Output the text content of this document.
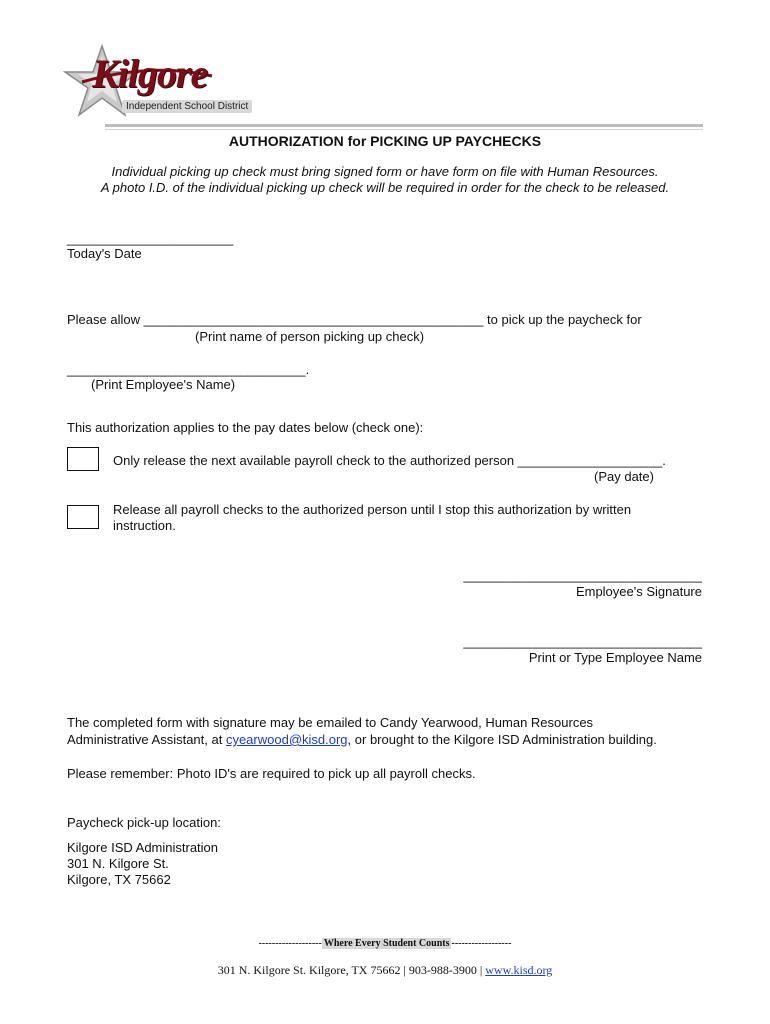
Kilgore
Independent School District
AUTHORIZATION for PICKING UP PAYCHECKS
Individual picking up check must bring signed form or have form on file with Human Resources.
A photo I.D. of the individual picking up check will be required in order for the check to be released.
_______________________
Today's Date
Please allow _______________________________________________ to pick up the paycheck for
(Print name of person picking up check)
_________________________________.
(Print Employee's Name)
This authorization applies to the pay dates below (check one):
Only release the next available payroll check to the authorized person ____________________.
(Pay date)
Release all payroll checks to the authorized person until I stop this authorization by written
instruction.
_________________________________
Employee's Signature
_________________________________
Print or Type Employee Name
The completed form with signature may be emailed to Candy Yearwood, Human Resources
Administrative Assistant, at cyearwood@kisd.org, or brought to the Kilgore ISD Administration building.
Please remember: Photo ID's are required to pick up all payroll checks.
Paycheck pick-up location:
Kilgore ISD Administration
301 N. Kilgore St.
Kilgore, TX 75662
------------------- Where Every Student Counts ------------------
301 N. Kilgore St. Kilgore, TX 75662 | 903-988-3900 | www.kisd.org
